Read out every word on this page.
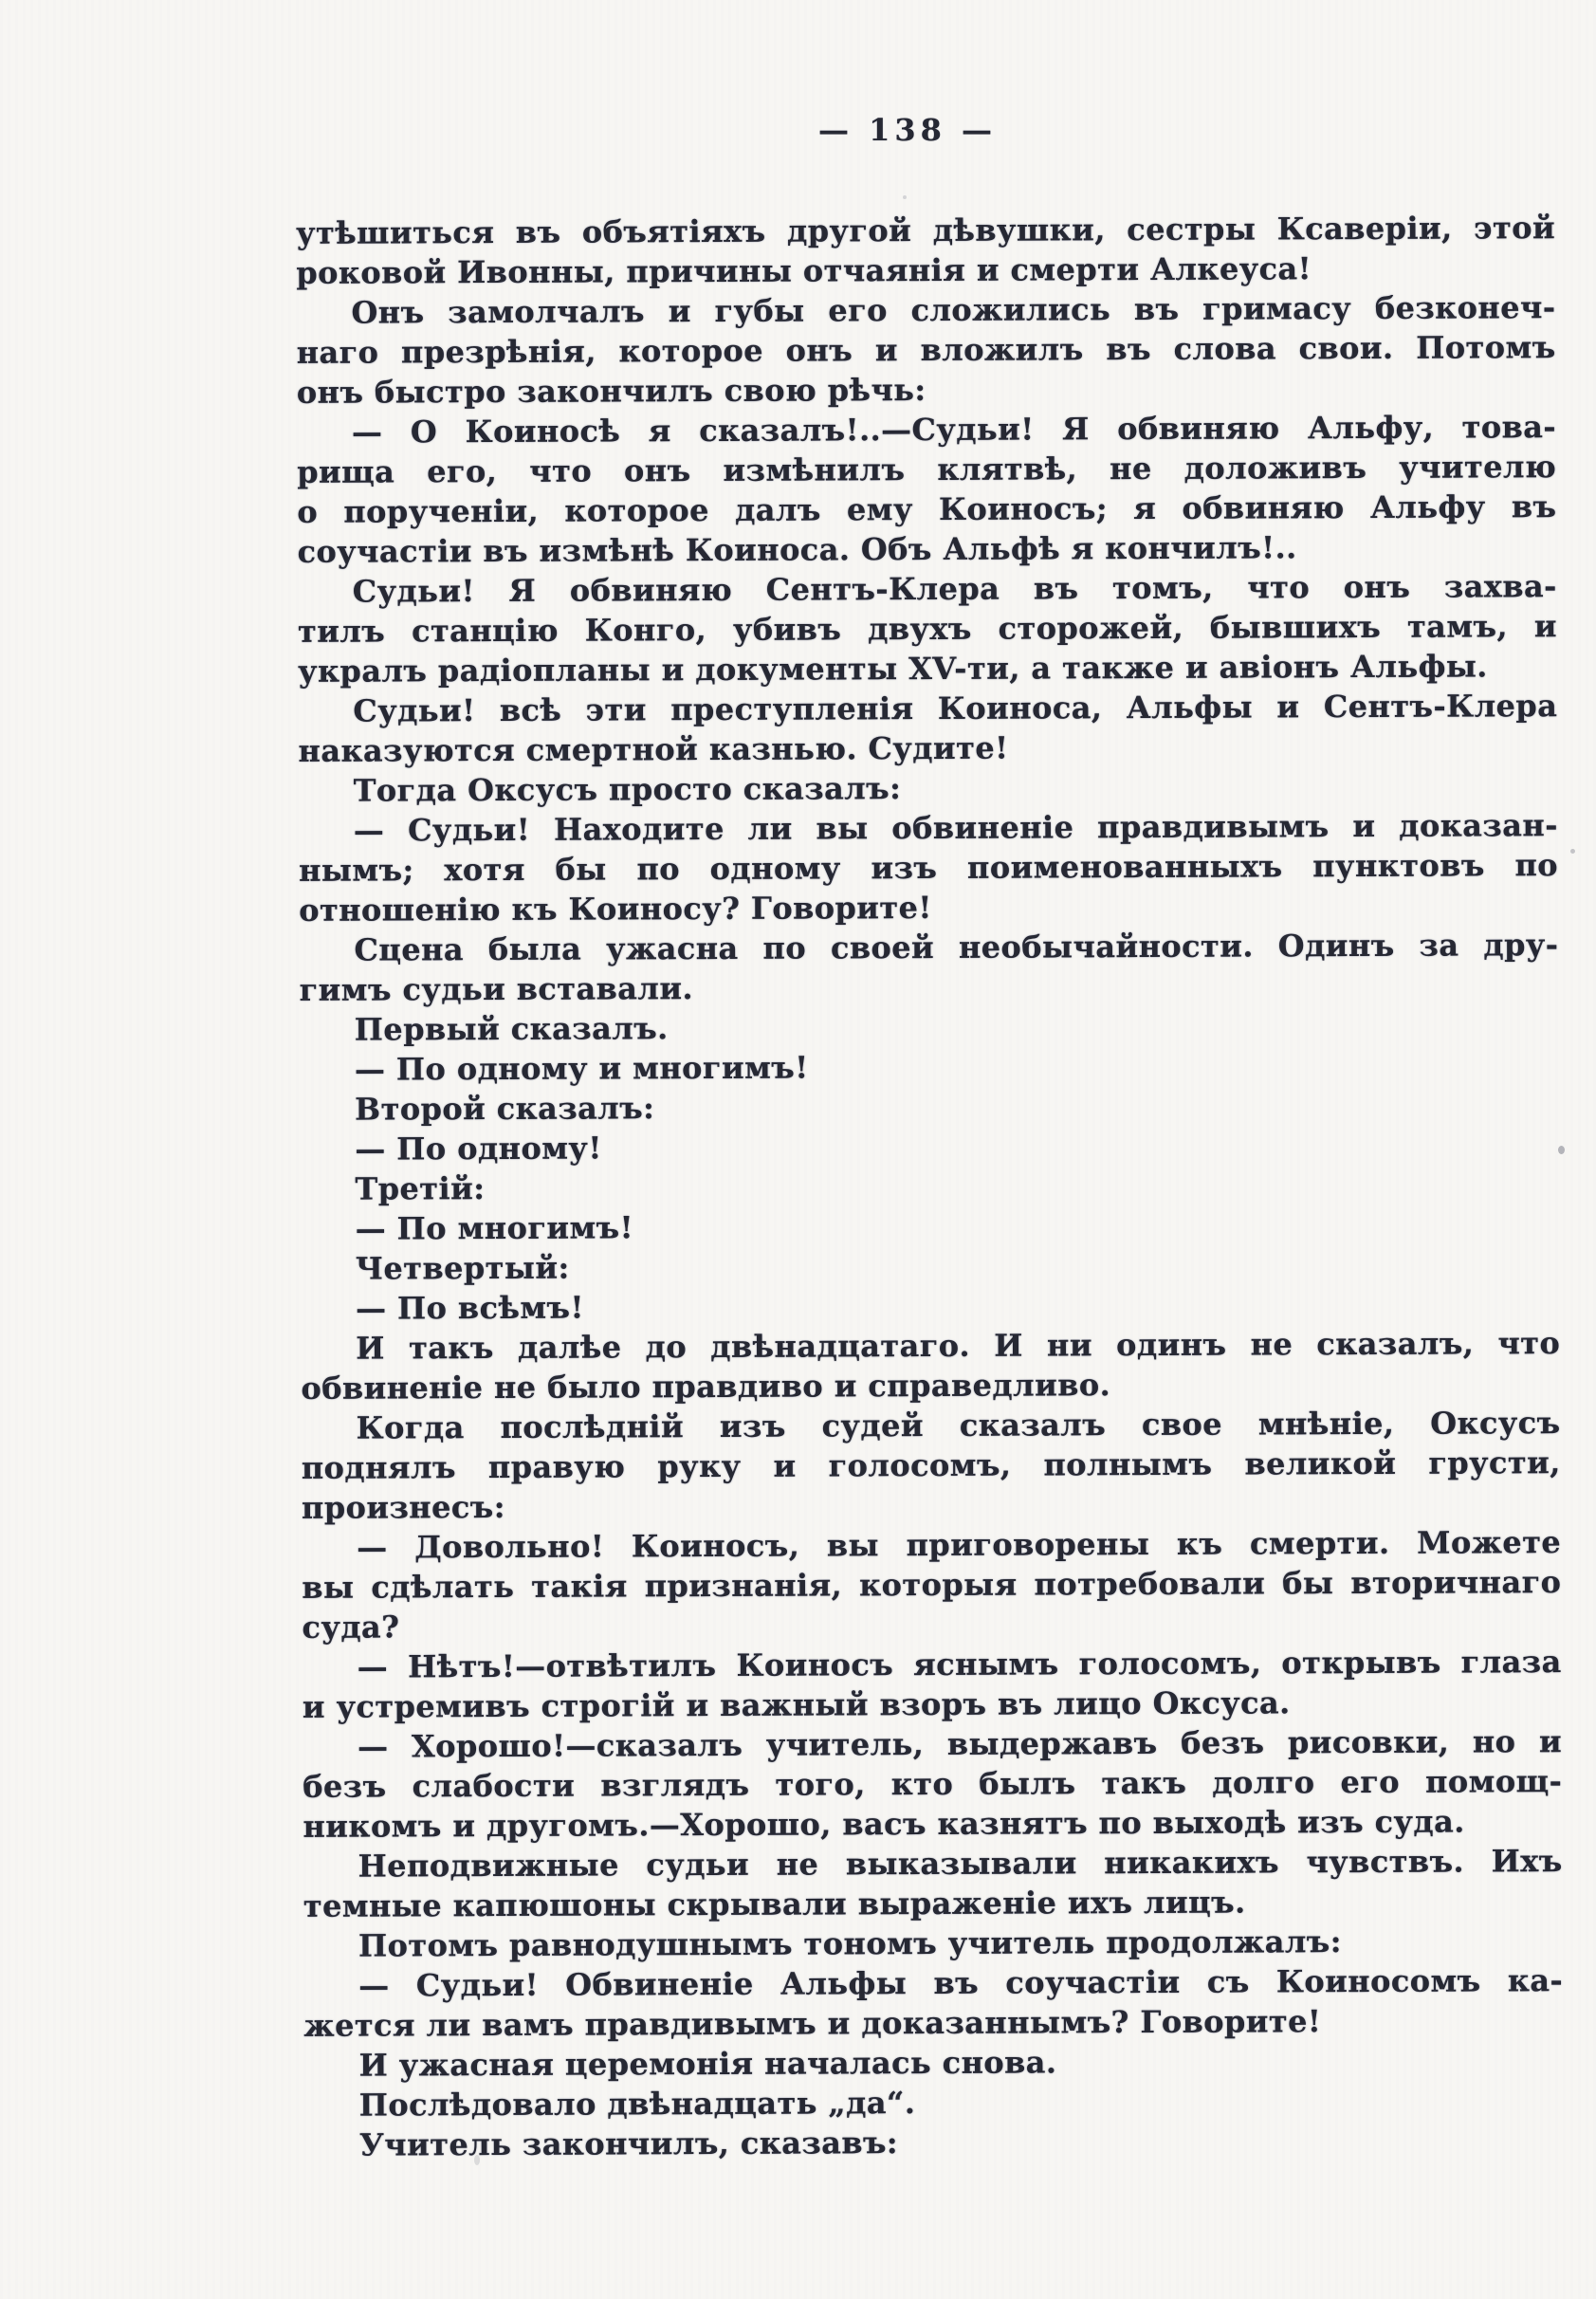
— 138 —
утѣшиться въ объятіяхъ другой дѣвушки, сестры Ксаверіи, этой
роковой Ивонны, причины отчаянія и смерти Алкеуса!
Онъ замолчалъ и губы его сложились въ гримасу безконеч-
наго презрѣнія, которое онъ и вложилъ въ слова свои. Потомъ
онъ быстро закончилъ свою рѣчь:
— О Коиносѣ я сказалъ!..—Судьи! Я обвиняю Альфу, това-
рища его, что онъ измѣнилъ клятвѣ, не доложивъ учителю
о порученіи, которое далъ ему Коиносъ; я обвиняю Альфу въ
соучастіи въ измѣнѣ Коиноса. Объ Альфѣ я кончилъ!..
Судьи! Я обвиняю Сентъ-Клера въ томъ, что онъ захва-
тилъ станцію Конго, убивъ двухъ сторожей, бывшихъ тамъ, и
укралъ радіопланы и документы XV-ти, а также и авіонъ Альфы.
Судьи! всѣ эти преступленія Коиноса, Альфы и Сентъ-Клера
наказуются смертной казнью. Судите!
Тогда Оксусъ просто сказалъ:
— Судьи! Находите ли вы обвиненіе правдивымъ и доказан-
нымъ; хотя бы по одному изъ поименованныхъ пунктовъ по
отношенію къ Коиносу? Говорите!
Сцена была ужасна по своей необычайности. Одинъ за дру-
гимъ судьи вставали.
Первый сказалъ.
— По одному и многимъ!
Второй сказалъ:
— По одному!
Третій:
— По многимъ!
Четвертый:
— По всѣмъ!
И такъ далѣе до двѣнадцатаго. И ни одинъ не сказалъ, что
обвиненіе не было правдиво и справедливо.
Когда послѣдній изъ судей сказалъ свое мнѣніе, Оксусъ
поднялъ правую руку и голосомъ, полнымъ великой грусти,
произнесъ:
— Довольно! Коиносъ, вы приговорены къ смерти. Можете
вы сдѣлать такія признанія, которыя потребовали бы вторичнаго
суда?
— Нѣтъ!—отвѣтилъ Коиносъ яснымъ голосомъ, открывъ глаза
и устремивъ строгій и важный взоръ въ лицо Оксуса.
— Хорошо!—сказалъ учитель, выдержавъ безъ рисовки, но и
безъ слабости взглядъ того, кто былъ такъ долго его помощ-
никомъ и другомъ.—Хорошо, васъ казнятъ по выходѣ изъ суда.
Неподвижные судьи не выказывали никакихъ чувствъ. Ихъ
темные капюшоны скрывали выраженіе ихъ лицъ.
Потомъ равнодушнымъ тономъ учитель продолжалъ:
— Судьи! Обвиненіе Альфы въ соучастіи съ Коиносомъ ка-
жется ли вамъ правдивымъ и доказаннымъ? Говорите!
И ужасная церемонія началась снова.
Послѣдовало двѣнадцать „да“.
Учитель закончилъ, сказавъ:
